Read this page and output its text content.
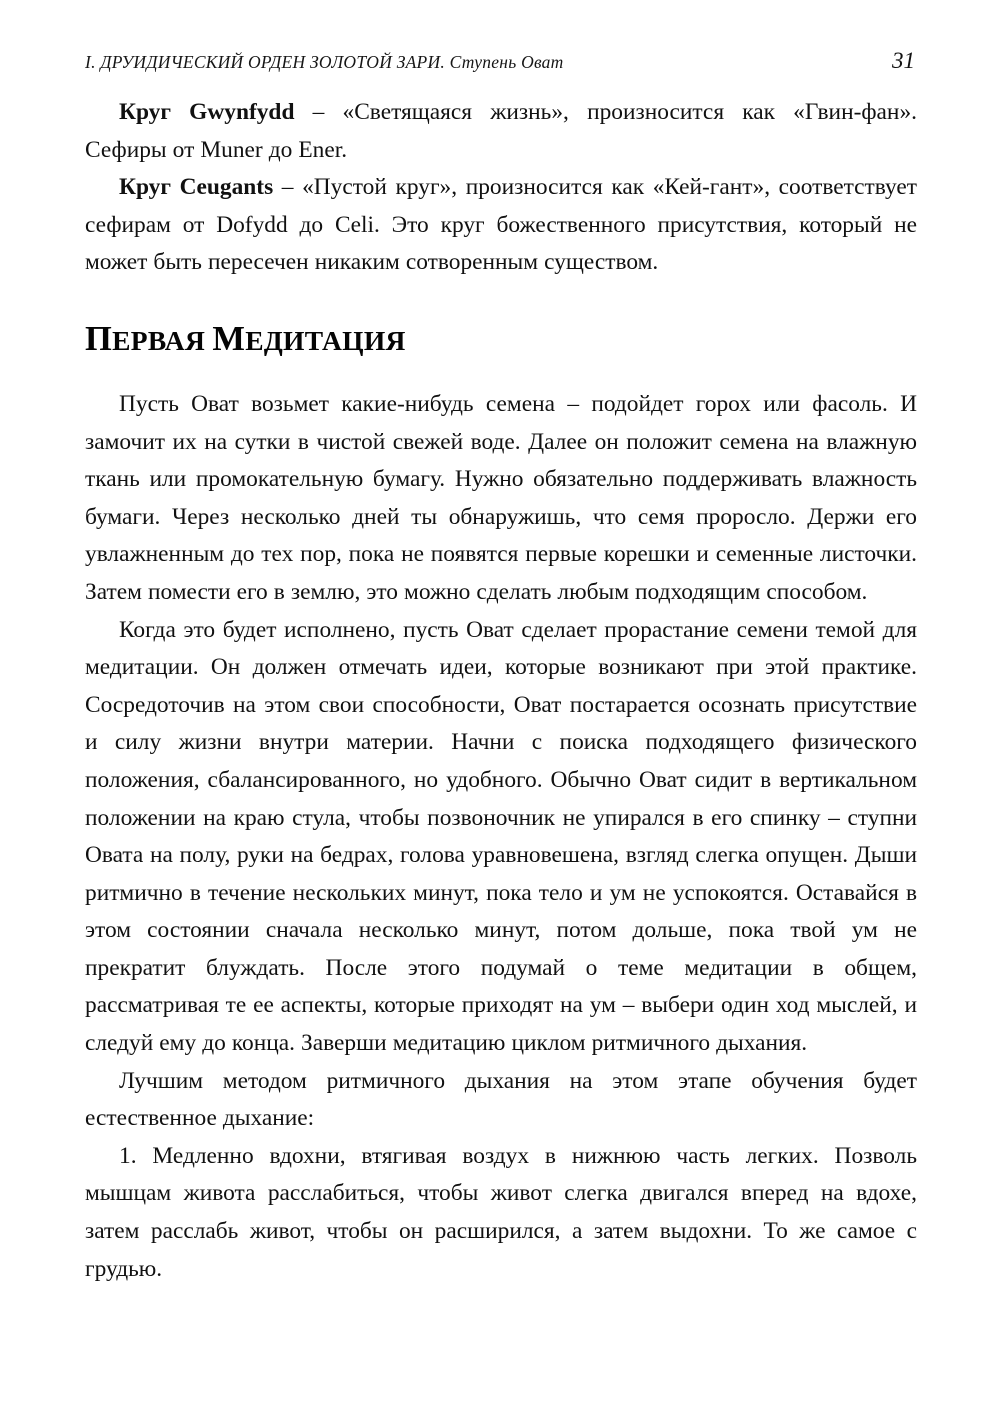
I. ДРУИДИЧЕСКИЙ ОРДЕН ЗОЛОТОЙ ЗАРИ. Ступень Оват	31

Круг Gwynfydd – «Светящаяся жизнь», произносится как «Гвин-фан». Сефиры от Muner до Ener.

Круг Ceugants – «Пустой круг», произносится как «Кей-гант», соответствует сефирам от Dofydd до Celi. Это круг божественного присутствия, который не может быть пересечен никаким сотворенным существом.

ПЕРВАЯ МЕДИТАЦИЯ

Пусть Оват возьмет какие-нибудь семена – подойдет горох или фасоль. И замочит их на сутки в чистой свежей воде. Далее он положит семена на влажную ткань или промокательную бумагу. Нужно обязательно поддерживать влажность бумаги. Через несколько дней ты обнаружишь, что семя проросло. Держи его увлажненным до тех пор, пока не появятся первые корешки и семенные листочки. Затем помести его в землю, это можно сделать любым подходящим способом.

Когда это будет исполнено, пусть Оват сделает прорастание семени темой для медитации. Он должен отмечать идеи, которые возникают при этой практике. Сосредоточив на этом свои способности, Оват постарается осознать присутствие и силу жизни внутри материи. Начни с поиска подходящего физического положения, сбалансированного, но удобного. Обычно Оват сидит в вертикальном положении на краю стула, чтобы позвоночник не упирался в его спинку – ступни Овата на полу, руки на бедрах, голова уравновешена, взгляд слегка опущен. Дыши ритмично в течение нескольких минут, пока тело и ум не успокоятся. Оставайся в этом состоянии сначала несколько минут, потом дольше, пока твой ум не прекратит блуждать. После этого подумай о теме медитации в общем, рассматривая те ее аспекты, которые приходят на ум – выбери один ход мыслей, и следуй ему до конца. Заверши медитацию циклом ритмичного дыхания.

Лучшим методом ритмичного дыхания на этом этапе обучения будет естественное дыхание:

1. Медленно вдохни, втягивая воздух в нижнюю часть легких. Позволь мышцам живота расслабиться, чтобы живот слегка двигался вперед на вдохе, затем расслабь живот, чтобы он расширился, а затем выдохни. То же самое с грудью.
